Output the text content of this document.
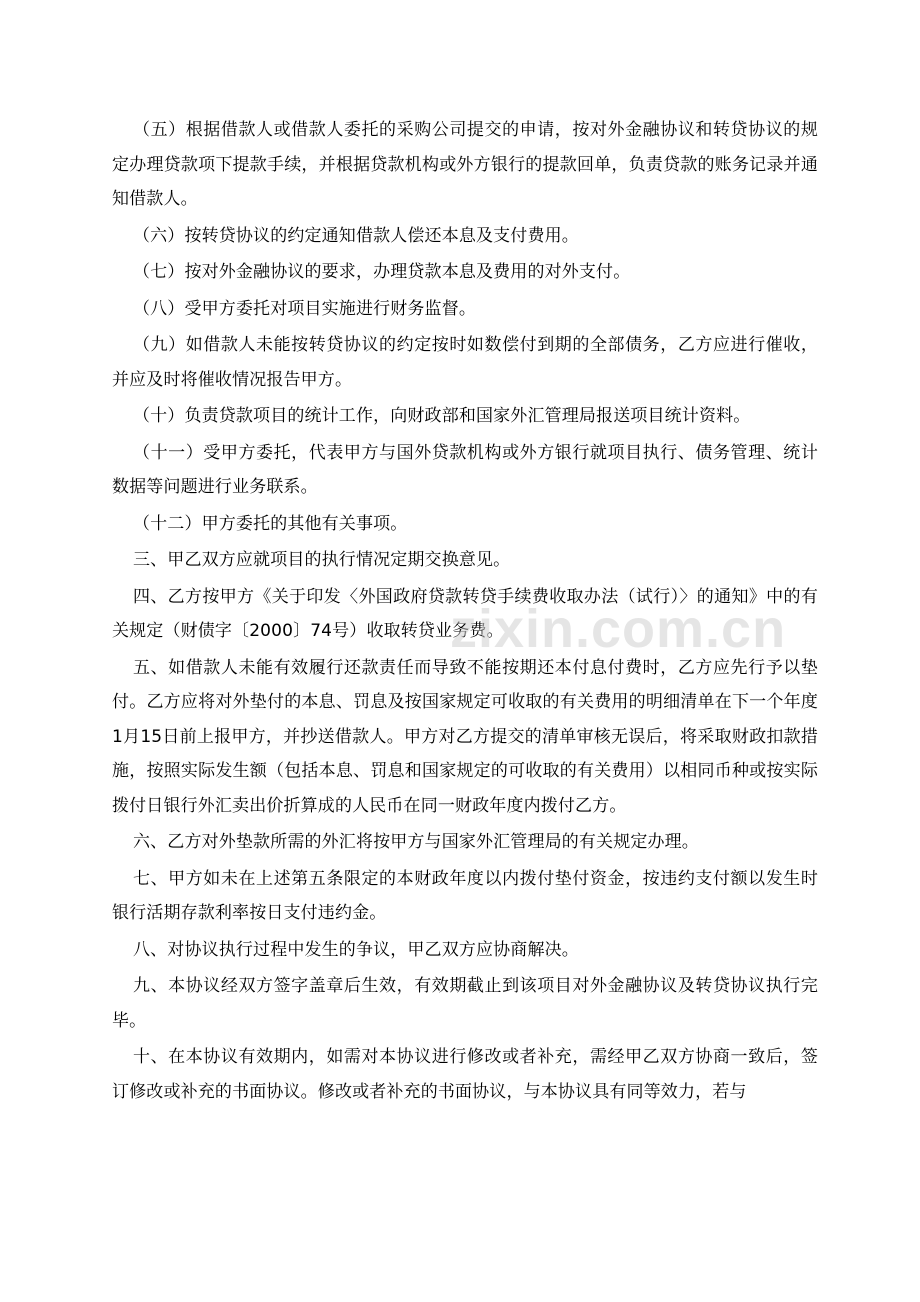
（五）根据借款人或借款人委托的采购公司提交的申请，按对外金融协议和转贷协议的规定办理贷款项下提款手续，并根据贷款机构或外方银行的提款回单，负责贷款的账务记录并通知借款人。

（六）按转贷协议的约定通知借款人偿还本息及支付费用。

（七）按对外金融协议的要求，办理贷款本息及费用的对外支付。

（八）受甲方委托对项目实施进行财务监督。

（九）如借款人未能按转贷协议的约定按时如数偿付到期的全部债务，乙方应进行催收，并应及时将催收情况报告甲方。

（十）负责贷款项目的统计工作，向财政部和国家外汇管理局报送项目统计资料。

（十一）受甲方委托，代表甲方与国外贷款机构或外方银行就项目执行、债务管理、统计数据等问题进行业务联系。

（十二）甲方委托的其他有关事项。

三、甲乙双方应就项目的执行情况定期交换意见。

四、乙方按甲方《关于印发〈外国政府贷款转贷手续费收取办法（试行）〉的通知》中的有关规定（财债字〔2000〕74号）收取转贷业务费。

五、如借款人未能有效履行还款责任而导致不能按期还本付息付费时，乙方应先行予以垫付。乙方应将对外垫付的本息、罚息及按国家规定可收取的有关费用的明细清单在下一个年度1月15日前上报甲方，并抄送借款人。甲方对乙方提交的清单审核无误后，将采取财政扣款措施，按照实际发生额（包括本息、罚息和国家规定的可收取的有关费用）以相同币种或按实际拨付日银行外汇卖出价折算成的人民币在同一财政年度内拨付乙方。

六、乙方对外垫款所需的外汇将按甲方与国家外汇管理局的有关规定办理。

七、甲方如未在上述第五条限定的本财政年度以内拨付垫付资金，按违约支付额以发生时银行活期存款利率按日支付违约金。

八、对协议执行过程中发生的争议，甲乙双方应协商解决。

九、本协议经双方签字盖章后生效，有效期截止到该项目对外金融协议及转贷协议执行完毕。

十、在本协议有效期内，如需对本协议进行修改或者补充，需经甲乙双方协商一致后，签订修改或补充的书面协议。修改或者补充的书面协议，与本协议具有同等效力，若与

zixin.com.cn
